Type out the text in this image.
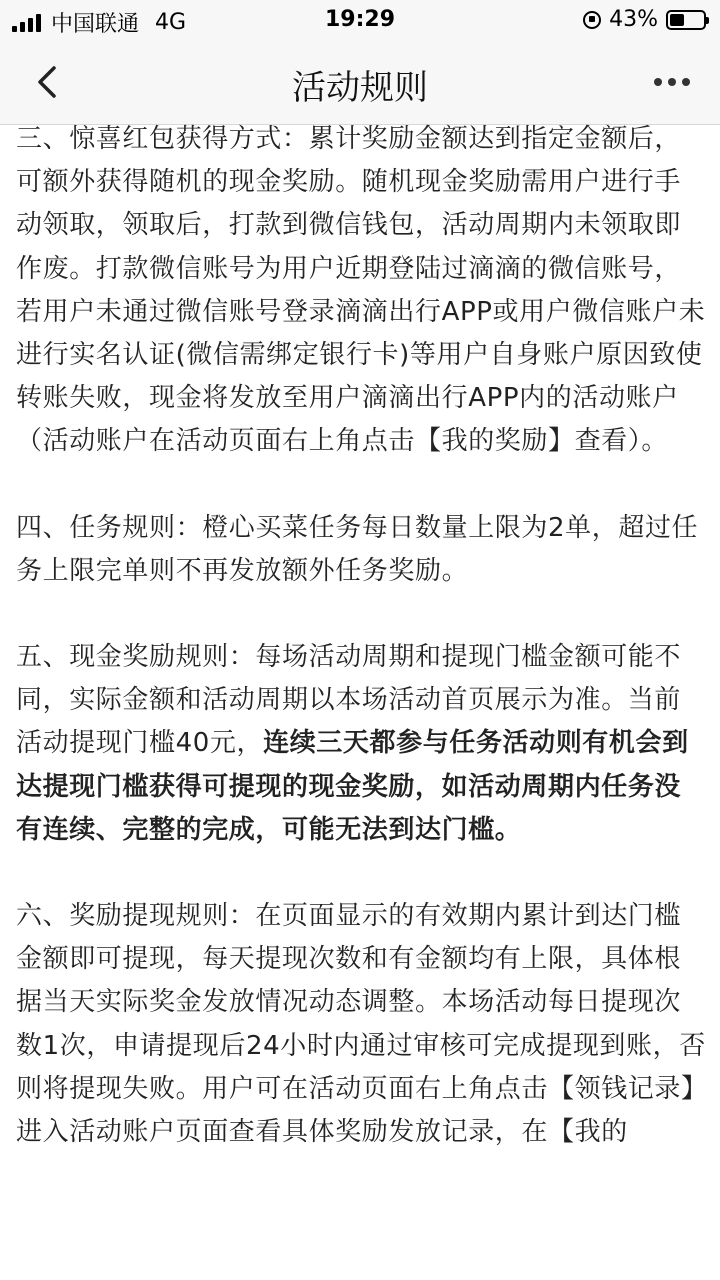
中国联通 4G	19:29	43%
活动规则

三、惊喜红包获得方式：累计奖励金额达到指定金额后，可额外获得随机的现金奖励。随机现金奖励需用户进行手动领取，领取后，打款到微信钱包，活动周期内未领取即作废。打款微信账号为用户近期登陆过滴滴的微信账号，若用户未通过微信账号登录滴滴出行APP或用户微信账户未进行实名认证(微信需绑定银行卡)等用户自身账户原因致使转账失败，现金将发放至用户滴滴出行APP内的活动账户（活动账户在活动页面右上角点击【我的奖励】查看）。

四、任务规则：橙心买菜任务每日数量上限为2单，超过任务上限完单则不再发放额外任务奖励。

五、现金奖励规则：每场活动周期和提现门槛金额可能不同，实际金额和活动周期以本场活动首页展示为准。当前活动提现门槛40元，连续三天都参与任务活动则有机会到达提现门槛获得可提现的现金奖励，如活动周期内任务没有连续、完整的完成，可能无法到达门槛。

六、奖励提现规则：在页面显示的有效期内累计到达门槛金额即可提现，每天提现次数和有金额均有上限，具体根据当天实际奖金发放情况动态调整。本场活动每日提现次数1次，申请提现后24小时内通过审核可完成提现到账，否则将提现失败。用户可在活动页面右上角点击【领钱记录】进入活动账户页面查看具体奖励发放记录，在【我的
